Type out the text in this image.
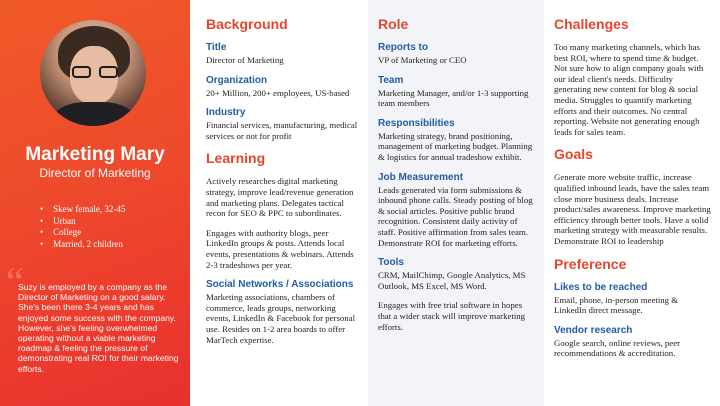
Marketing Mary
Director of Marketing
• Skew female, 32-45
• Urban
• College
• Married, 2 children
“
Suzy is employed by a company as the Director of Marketing on a good salary. She's been there 3-4 years and has enjoyed some success with the company. However, she's feeling overwhelmed operating without a viable marketing roadmap & feeling the pressure of demonstrating real ROI for their marketing efforts.
Background
Title
Director of Marketing
Organization
20+ Million, 200+ employees, US-based
Industry
Financial services, manufacturing, medical services or not for profit
Learning
Actively researches digital marketing strategy, improve lead/revenue generation and marketing plans. Delegates tactical recon for SEO & PPC to subordinates.
Engages with authority blogs, peer LinkedIn groups & posts. Attends local events, presentations & webinars. Attends 2-3 tradeshows per year.
Social Networks / Associations
Marketing associations, chambers of commerce, leads groups, networking events, LinkedIn & Facebook for personal use. Resides on 1-2 area boards to offer MarTech expertise.
Role
Reports to
VP of Marketing or CEO
Team
Marketing Manager, and/or 1-3 supporting team members
Responsibilities
Marketing strategy, brand positioning, management of marketing budget. Planning & logistics for annual tradeshow exhibit.
Job Measurement
Leads generated via form submissions & inbound phone calls. Steady posting of blog & social articles. Positive public brand recognition. Consistent daily activity of staff. Positive affirmation from sales team. Demonstrate ROI for marketing efforts.
Tools
CRM, MailChimp, Google Analytics, MS Outlook, MS Excel, MS Word.
Engages with free trial software in hopes that a wider stack will improve marketing efforts.
Challenges
Too many marketing channels, which has best ROI, where to spend time & budget. Not sure how to align company goals with our ideal client's needs. Difficulty generating new content for blog & social media. Struggles to quantify marketing efforts and their outcomes. No central reporting. Website not generating enough leads for sales team.
Goals
Generate more website traffic, increase qualified inbound leads, have the sales team close more business deals. Increase product/sales awareness. Improve marketing efficiency through better tools. Have a solid marketing strategy with measurable results. Demonstrate ROI to leadership
Preference
Likes to be reached
Email, phone, in-person meeting & LinkedIn direct message.
Vendor research
Google search, online reviews, peer recommendations & accreditation.
